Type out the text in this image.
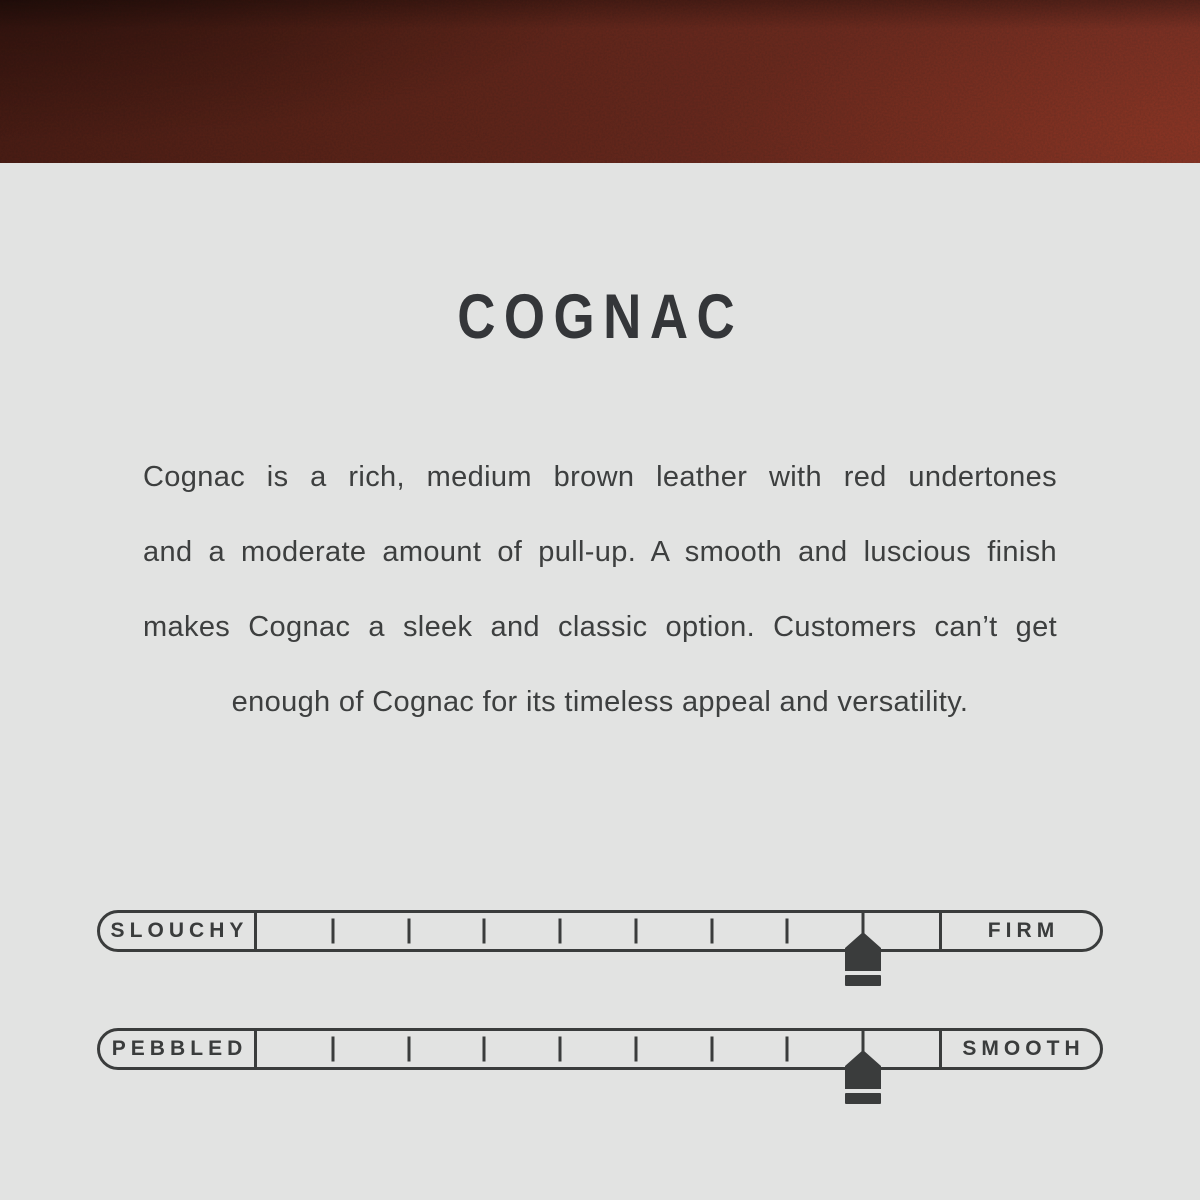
COGNAC
Cognac is a rich, medium brown leather with red undertones
and a moderate amount of pull-up. A smooth and luscious finish
makes Cognac a sleek and classic option. Customers can’t get
enough of Cognac for its timeless appeal and versatility.
SLOUCHY	FIRM
PEBBLED	SMOOTH
